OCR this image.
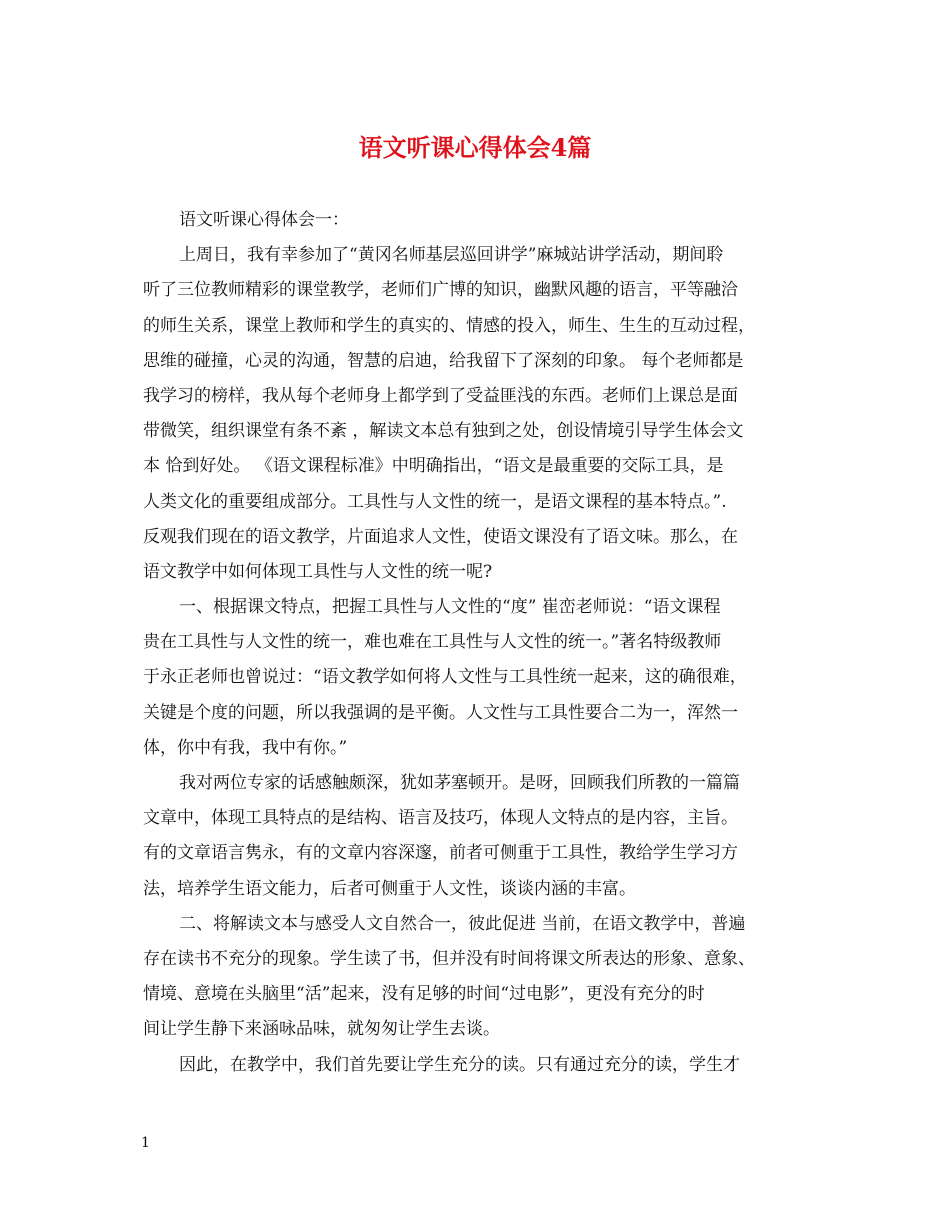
语文听课心得体会4篇
语文听课心得体会一：
上周日，我有幸参加了“黄冈名师基层巡回讲学”麻城站讲学活动，期间聆
听了三位教师精彩的课堂教学，老师们广博的知识，幽默风趣的语言，平等融洽
的师生关系，课堂上教师和学生的真实的、情感的投入，师生、生生的互动过程，
思维的碰撞，心灵的沟通，智慧的启迪，给我留下了深刻的印象。 每个老师都是
我学习的榜样，我从每个老师身上都学到了受益匪浅的东西。老师们上课总是面
带微笑，组织课堂有条不紊 ，解读文本总有独到之处，创设情境引导学生体会文
本 恰到好处。 《语文课程标准》中明确指出，“语文是最重要的交际工具，是
人类文化的重要组成部分。工具性与人文性的统一，是语文课程的基本特点。”.
反观我们现在的语文教学，片面追求人文性，使语文课没有了语文味。那么，在
语文教学中如何体现工具性与人文性的统一呢?
一、根据课文特点，把握工具性与人文性的“度” 崔峦老师说：“语文课程
贵在工具性与人文性的统一，难也难在工具性与人文性的统一。”著名特级教师
于永正老师也曾说过：“语文教学如何将人文性与工具性统一起来，这的确很难，
关键是个度的问题，所以我强调的是平衡。人文性与工具性要合二为一，浑然一
体，你中有我，我中有你。”
我对两位专家的话感触颇深，犹如茅塞顿开。是呀，回顾我们所教的一篇篇
文章中，体现工具特点的是结构、语言及技巧，体现人文特点的是内容，主旨。
有的文章语言隽永，有的文章内容深邃，前者可侧重于工具性，教给学生学习方
法，培养学生语文能力，后者可侧重于人文性，谈谈内涵的丰富。
二、将解读文本与感受人文自然合一，彼此促进 当前，在语文教学中，普遍
存在读书不充分的现象。学生读了书，但并没有时间将课文所表达的形象、意象、
情境、意境在头脑里“活”起来，没有足够的时间“过电影”，更没有充分的时
间让学生静下来涵咏品味，就匆匆让学生去谈。
因此，在教学中，我们首先要让学生充分的读。只有通过充分的读，学生才
1
